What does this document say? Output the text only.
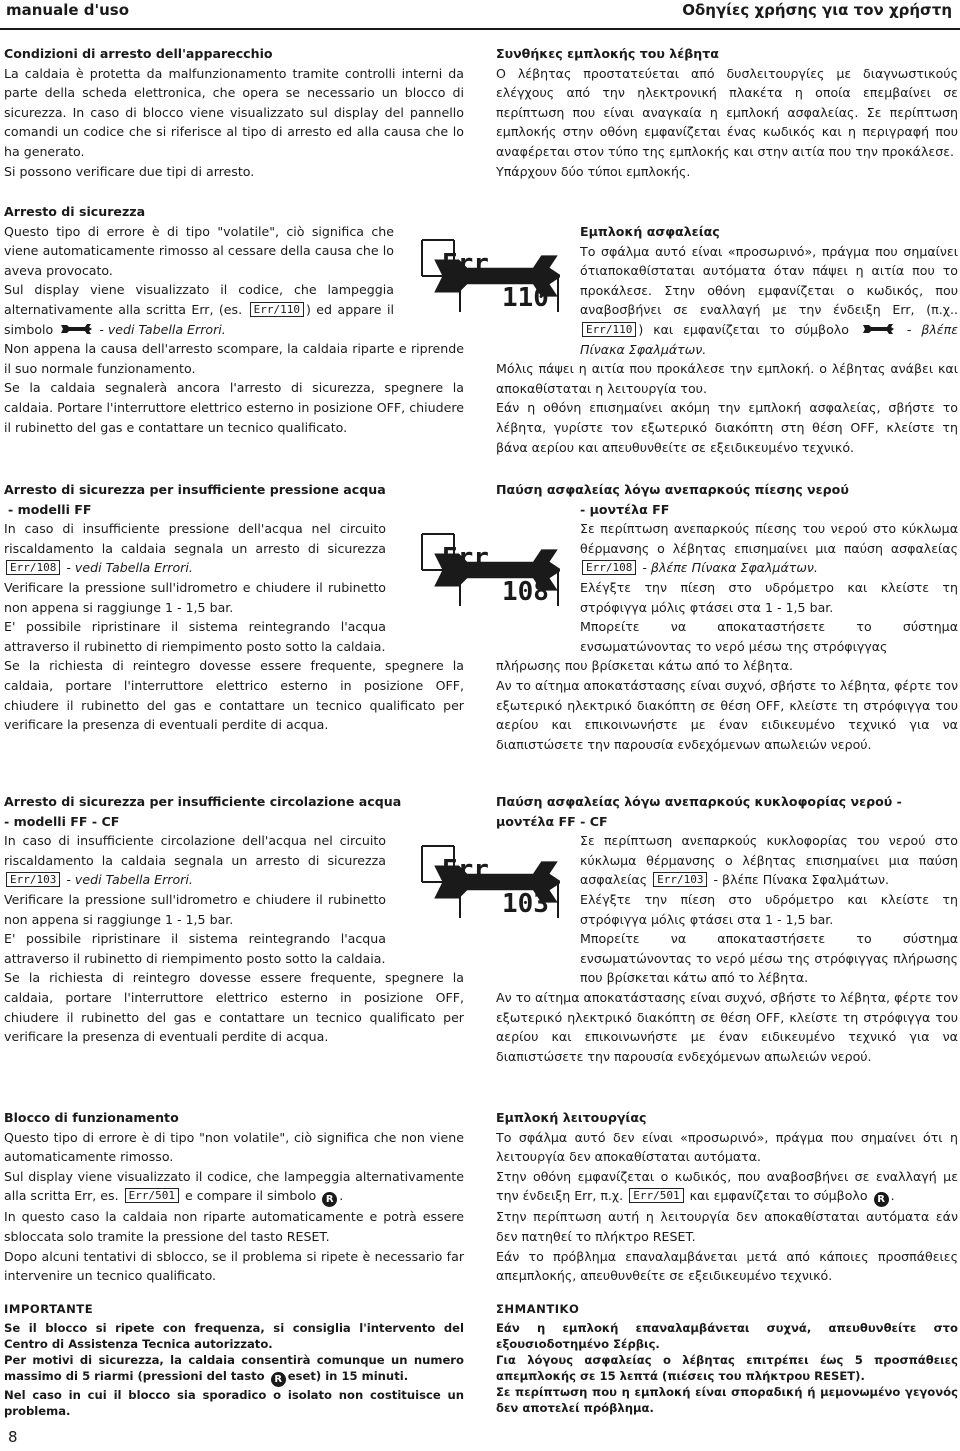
manuale d'uso	Οδηγίες χρήσης για τον χρήστη

Condizioni di arresto dell'apparecchio

La caldaia è protetta da malfunzionamento tramite controlli interni da parte della scheda elettronica, che opera se necessario un blocco di sicurezza. In caso di blocco viene visualizzato sul display del pannello comandi un codice che si riferisce al tipo di arresto ed alla causa che lo ha generato.

Si possono verificare due tipi di arresto.

Arresto di sicurezza

Questo tipo di errore è di tipo "volatile", ciò significa che viene automaticamente rimosso al cessare della causa che lo aveva provocato.

Sul display viene visualizzato il codice, che lampeggia alternativamente alla scritta Err, (es. Err/110 ) ed appare il simbolo	- vedi Tabella Errori.

Non appena la causa dell'arresto scompare, la caldaia riparte e riprende il suo normale funzionamento.

Se la caldaia segnalerà ancora l'arresto di sicurezza, spegnere la caldaia. Portare l'interruttore elettrico esterno in posizione OFF, chiudere il rubinetto del gas e contattare un tecnico qualificato.

Arresto di sicurezza per insufficiente pressione acqua

- modelli FF

In caso di insufficiente pressione dell'acqua nel circuito riscaldamento la caldaia segnala un arresto di sicurezza Err/108 - vedi Tabella Errori.

Verificare la pressione sull'idrometro e chiudere il rubinetto non appena si raggiunge 1 - 1,5 bar.

E' possibile ripristinare il sistema reintegrando l'acqua attraverso il rubinetto di riempimento posto sotto la caldaia.

Se la richiesta di reintegro dovesse essere frequente, spegnere la caldaia, portare l'interruttore elettrico esterno in posizione OFF, chiudere il rubinetto del gas e contattare un tecnico qualificato per verificare la presenza di eventuali perdite di acqua.

Arresto di sicurezza per insufficiente circolazione acqua

- modelli FF - CF

In caso di insufficiente circolazione dell'acqua nel circuito riscaldamento la caldaia segnala un arresto di sicurezza Err/103 - vedi Tabella Errori.

Verificare la pressione sull'idrometro e chiudere il rubinetto non appena si raggiunge 1 - 1,5 bar.

E' possibile ripristinare il sistema reintegrando l'acqua attraverso il rubinetto di riempimento posto sotto la caldaia.

Se la richiesta di reintegro dovesse essere frequente, spegnere la caldaia, portare l'interruttore elettrico esterno in posizione OFF, chiudere il rubinetto del gas e contattare un tecnico qualificato per verificare la presenza di eventuali perdite di acqua.

Blocco di funzionamento

Questo tipo di errore è di tipo "non volatile", ciò significa che non viene automaticamente rimosso.

Sul display viene visualizzato il codice, che lampeggia alternativamente alla scritta Err, es. Err/501 e compare il simbolo R .

In questo caso la caldaia non riparte automaticamente e potrà essere sbloccata solo tramite la pressione del tasto RESET.

Dopo alcuni tentativi di sblocco, se il problema si ripete è necessario far intervenire un tecnico qualificato.

IMPORTANTE

Se il blocco si ripete con frequenza, si consiglia l'intervento del Centro di Assistenza Tecnica autorizzato.

Per motivi di sicurezza, la caldaia consentirà comunque un numero massimo di 5 riarmi (pressioni del tasto R eset) in 15 minuti.

Nel caso in cui il blocco sia sporadico o isolato non costituisce un problema.

Err
110
Err
108
Err
103

Συνθήκες εμπλοκής του λέβητα

Ο λέβητας προστατεύεται από δυσλειτουργίες με διαγνωστικούς ελέγχους από την ηλεκτρονική πλακέτα η οποία επεμβαίνει σε περίπτωση που είναι αναγκαία η εμπλοκή ασφαλείας. Σε περίπτωση εμπλοκής στην οθόνη εμφανίζεται ένας κωδικός και η περιγραφή που αναφέρεται στον τύπο της εμπλοκής και στην αιτία που την προκάλεσε.

Υπάρχουν δύο τύποι εμπλοκής.

Εμπλοκή ασφαλείας

Το σφάλμα αυτό είναι «προσωρινό», πράγμα που σημαίνει ότιαποκαθίσταται αυτόματα όταν πάψει η αιτία που το προκάλεσε. Στην οθόνη εμφανίζεται ο κωδικός, που αναβοσβήνει σε εναλλαγή με την ένδειξη Err, (π.χ.. Err/110 ) και εμφανίζεται το σύμβολο	- βλέπε Πίνακα Σφαλμάτων.

Μόλις πάψει η αιτία που προκάλεσε την εμπλοκή. ο λέβητας ανάβει και αποκαθίσταται η λειτουργία του.

Εάν η οθόνη επισημαίνει ακόμη την εμπλοκή ασφαλείας, σβήστε το λέβητα, γυρίστε τον εξωτερικό διακόπτη στη θέση OFF, κλείστε τη βάνα αερίου και απευθυνθείτε σε εξειδικευμένο τεχνικό.

Παύση ασφαλείας λόγω ανεπαρκούς πίεσης νερού

- μοντέλα FF

Σε περίπτωση ανεπαρκούς πίεσης του νερού στο κύκλωμα θέρμανσης ο λέβητας επισημαίνει μια παύση ασφαλείας Err/108 - βλέπε Πίνακα Σφαλμάτων.

Ελέγξτε την πίεση στο υδρόμετρο και κλείστε τη στρόφιγγα μόλις φτάσει στα 1 - 1,5 bar.

Μπορείτε να αποκαταστήσετε το σύστημα ενσωματώνοντας το νερό μέσω της στρόφιγγας

πλήρωσης που βρίσκεται κάτω από το λέβητα.

Αν το αίτημα αποκατάστασης είναι συχνό, σβήστε το λέβητα, φέρτε τον εξωτερικό ηλεκτρικό διακόπτη σε θέση OFF, κλείστε τη στρόφιγγα του αερίου και επικοινωνήστε με έναν ειδικευμένο τεχνικό για να διαπιστώσετε την παρουσία ενδεχόμενων απωλειών νερού.

Παύση ασφαλείας λόγω ανεπαρκούς κυκλοφορίας νερού -

μοντέλα FF - CF

Σε περίπτωση ανεπαρκούς κυκλοφορίας του νερού στο κύκλωμα θέρμανσης ο λέβητας επισημαίνει μια παύση ασφαλείας Err/103 - βλέπε Πίνακα Σφαλμάτων.

Ελέγξτε την πίεση στο υδρόμετρο και κλείστε τη στρόφιγγα μόλις φτάσει στα 1 - 1,5 bar.

Μπορείτε να αποκαταστήσετε το σύστημα ενσωματώνοντας το νερό μέσω της στρόφιγγας πλήρωσης που βρίσκεται κάτω από το λέβητα.

Αν το αίτημα αποκατάστασης είναι συχνό, σβήστε το λέβητα, φέρτε τον εξωτερικό ηλεκτρικό διακόπτη σε θέση OFF, κλείστε τη στρόφιγγα του αερίου και επικοινωνήστε με έναν ειδικευμένο τεχνικό για να διαπιστώσετε την παρουσία ενδεχόμενων απωλειών νερού.

Εμπλοκή λειτουργίας

Το σφάλμα αυτό δεν είναι «προσωρινό», πράγμα που σημαίνει ότι η λειτουργία δεν αποκαθίσταται αυτόματα.

Στην οθόνη εμφανίζεται ο κωδικός, που αναβοσβήνει σε εναλλαγή με την ένδειξη Err, π.χ. Err/501 και εμφανίζεται το σύμβολο R .

Στην περίπτωση αυτή η λειτουργία δεν αποκαθίσταται αυτόματα εάν δεν πατηθεί το πλήκτρο RESET.

Εάν το πρόβλημα επαναλαμβάνεται μετά από κάποιες προσπάθειες απεμπλοκής, απευθυνθείτε σε εξειδικευμένο τεχνικό.

ΣΗΜΑΝΤΙΚΟ

Εάν η εμπλοκή επαναλαμβάνεται συχνά, απευθυνθείτε στο εξουσιοδοτημένο Σέρβις.

Για λόγους ασφαλείας ο λέβητας επιτρέπει έως 5 προσπάθειες απεμπλοκής σε 15 λεπτά (πιέσεις του πλήκτρου RESET).

Σε περίπτωση που η εμπλοκή είναι σποραδική ή μεμονωμένο γεγονός δεν αποτελεί πρόβλημα.

8
